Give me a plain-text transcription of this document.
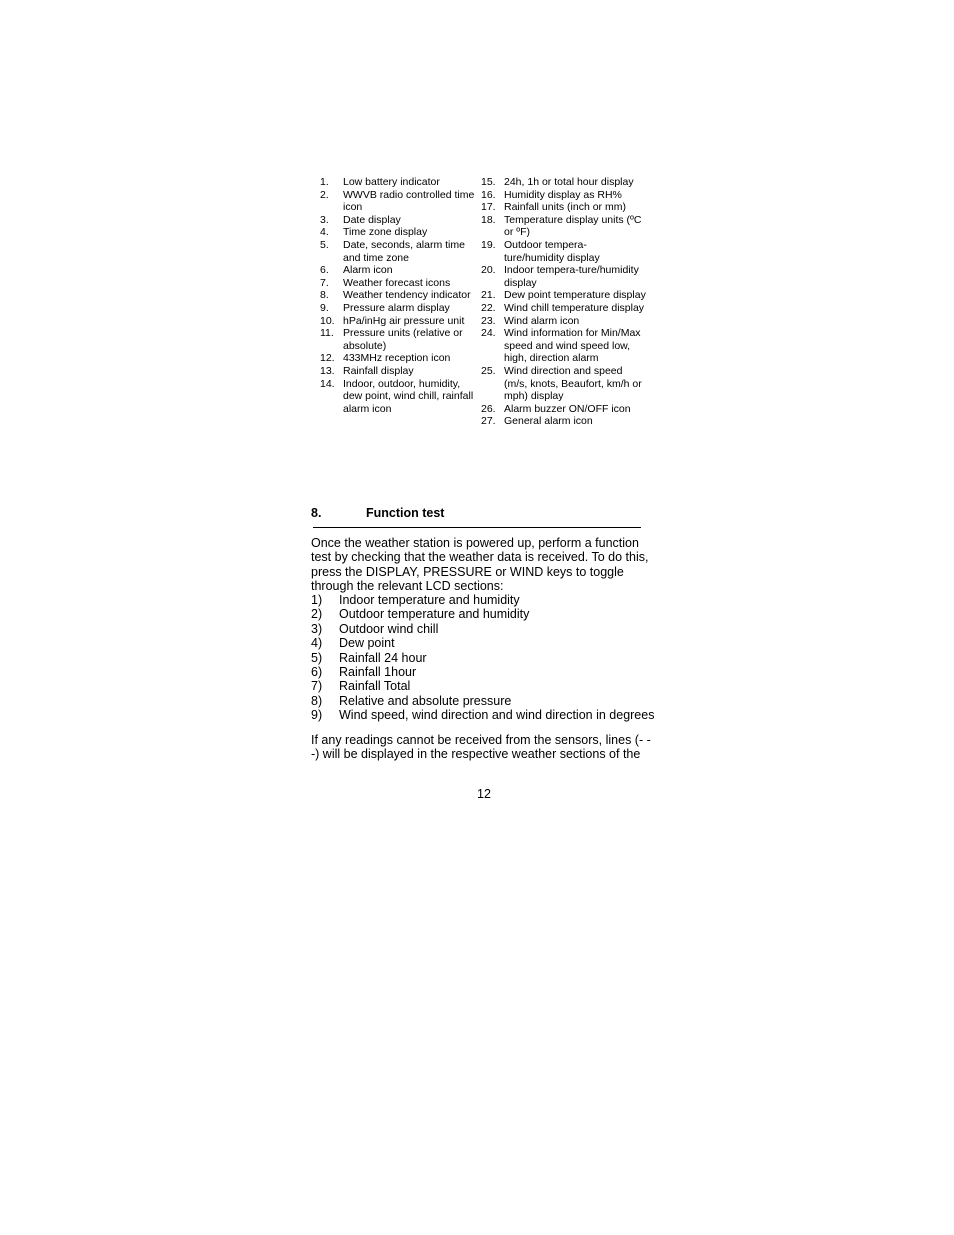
1.	Low battery indicator
2.	WWVB radio controlled time icon
3.	Date display
4.	Time zone display
5.	Date, seconds, alarm time and time zone
6.	Alarm icon
7.	Weather forecast icons
8.	Weather tendency indicator
9.	Pressure alarm display
10. hPa/inHg air pressure unit
11. Pressure units (relative or absolute)
12. 433MHz reception icon
13. Rainfall display
14. Indoor, outdoor, humidity, dew point, wind chill, rainfall alarm icon
15. 24h, 1h or total hour display
16. Humidity display as RH%
17. Rainfall units (inch or mm)
18. Temperature display units (ºC or ºF)
19. Outdoor tempera-ture/humidity display
20. Indoor tempera-ture/humidity display
21. Dew point temperature display
22. Wind chill temperature display
23. Wind alarm icon
24. Wind information for Min/Max speed and wind speed low, high, direction alarm
25. Wind direction and speed (m/s, knots, Beaufort, km/h or mph) display
26. Alarm buzzer ON/OFF icon
27. General alarm icon
8.	Function test
Once the weather station is powered up, perform a function test by checking that the weather data is received. To do this, press the DISPLAY, PRESSURE or WIND keys to toggle through the relevant LCD sections:
1)	Indoor temperature and humidity
2)	Outdoor temperature and humidity
3)	Outdoor wind chill
4)	Dew point
5)	Rainfall 24 hour
6)	Rainfall 1hour
7)	Rainfall Total
8)	Relative and absolute pressure
9)	Wind speed, wind direction and wind direction in degrees
If any readings cannot be received from the sensors, lines (- - -) will be displayed in the respective weather sections of the
12
